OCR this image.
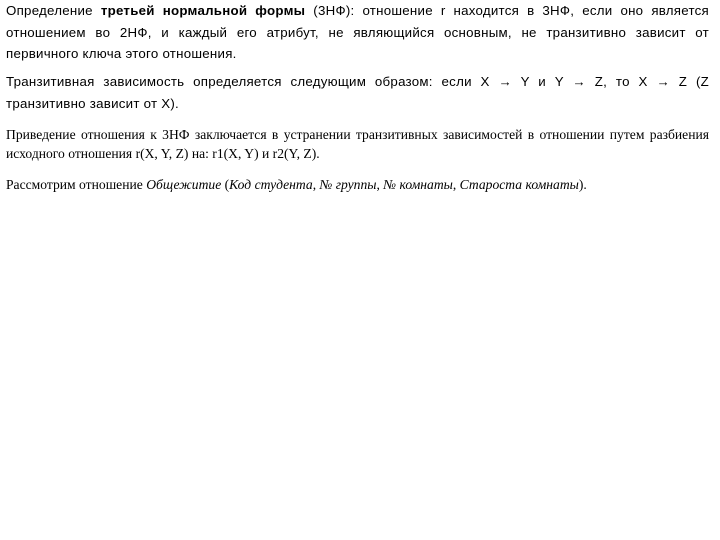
Определение третьей нормальной формы (3НФ): отношение r находится в 3НФ, если оно является отношением во 2НФ, и каждый его атрибут, не являющийся основным, не транзитивно зависит от первичного ключа этого отношения.

Транзитивная зависимость определяется следующим образом: если X → Y и Y → Z, то X → Z (Z транзитивно зависит от X).

Приведение отношения к 3НФ заключается в устранении транзитивных зависимостей в отношении путем разбиения исходного отношения r(X, Y, Z) на: r1(X, Y) и r2(Y, Z).

Рассмотрим отношение Общежитие (Код студента, № группы, № комнаты, Староста комнаты).
